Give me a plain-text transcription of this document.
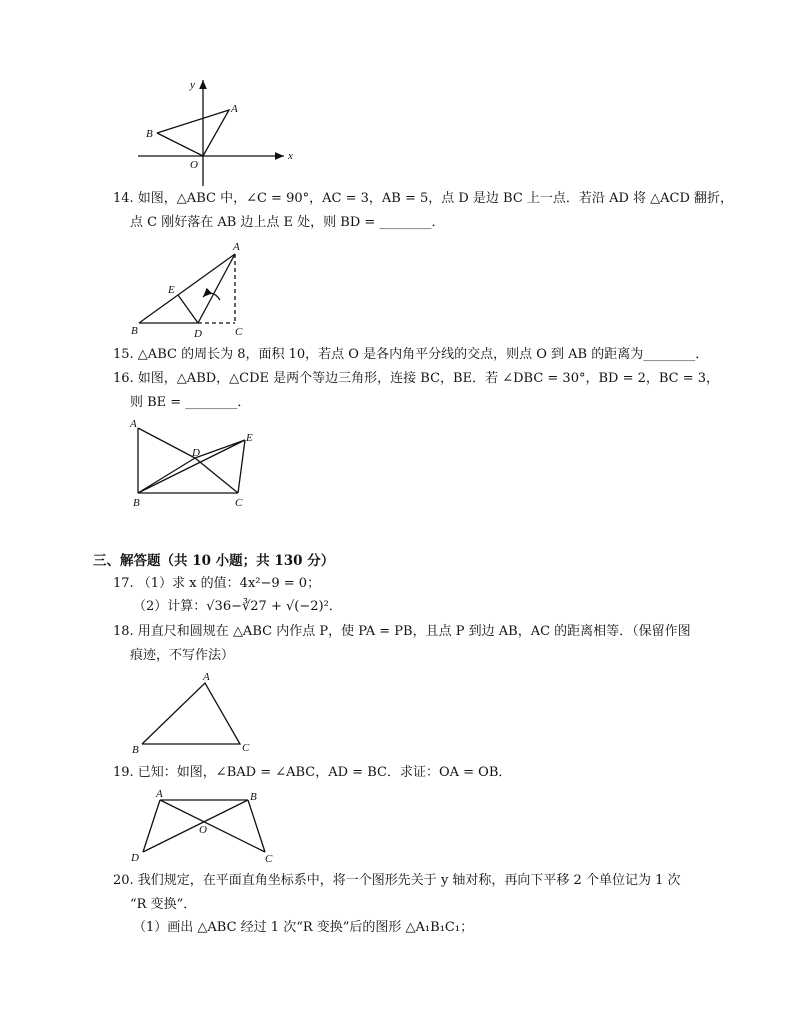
y
x
A
B
O
14. 如图，△ABC 中，∠C = 90°，AC = 3，AB = 5，点 D 是边 BC 上一点．若沿 AD 将 △ACD 翻折，
点 C 刚好落在 AB 边上点 E 处，则 BD = ________．
A
B	C
D
E
15. △ABC 的周长为 8，面积 10，若点 O 是各内角平分线的交点，则点 O 到 AB 的距离为________．
16. 如图，△ABD，△CDE 是两个等边三角形，连接 BC，BE．若 ∠DBC = 30°，BD = 2，BC = 3，
则 BE = ________．
A
B	C
D
E
三、解答题（共 10 小题；共 130 分）
17. （1）求 x 的值：4x²−9 = 0；
（2）计算：√36−∛27 + √(−2)²．
18. 用直尺和圆规在 △ABC 内作点 P，使 PA = PB，且点 P 到边 AB，AC 的距离相等．（保留作图
痕迹，不写作法）
A
B	C
19. 已知：如图，∠BAD = ∠ABC，AD = BC．求证：OA = OB．
A	B
C
D
O
20. 我们规定，在平面直角坐标系中，将一个图形先关于 y 轴对称，再向下平移 2 个单位记为 1 次
“R 变换”．
（1）画出 △ABC 经过 1 次“R 变换”后的图形 △A₁B₁C₁；
